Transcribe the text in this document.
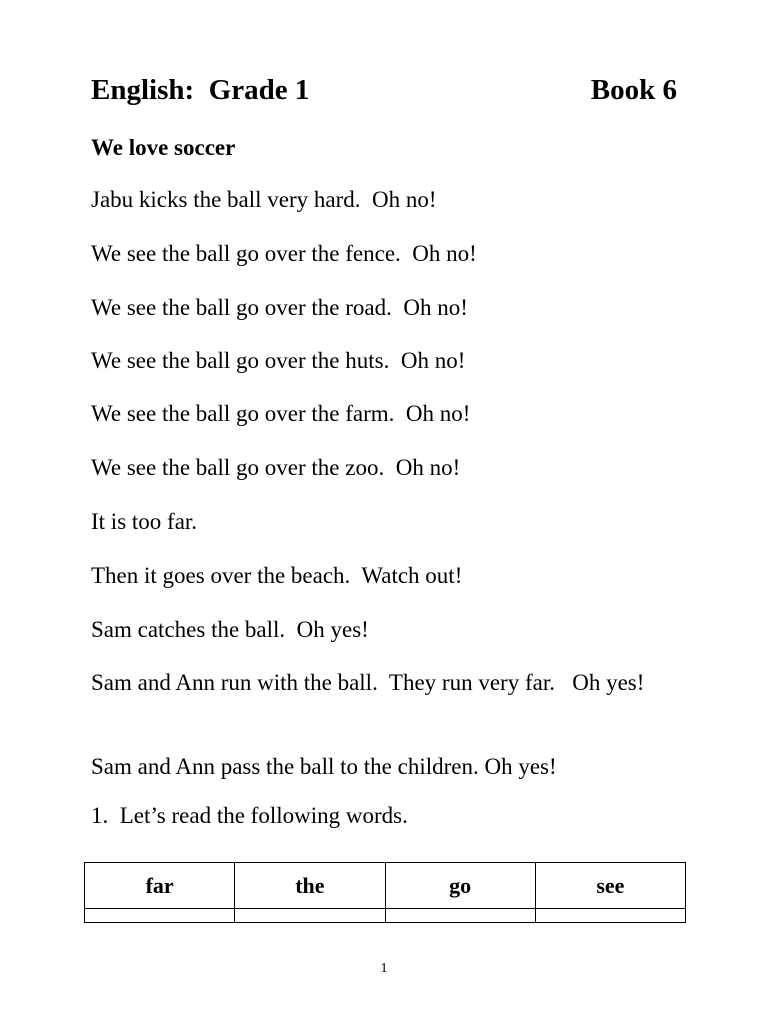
English:  Grade 1	Book 6
We love soccer
Jabu kicks the ball very hard.  Oh no!
We see the ball go over the fence.  Oh no!
We see the ball go over the road.  Oh no!
We see the ball go over the huts.  Oh no!
We see the ball go over the farm.  Oh no!
We see the ball go over the zoo.  Oh no!
It is too far.
Then it goes over the beach.  Watch out!
Sam catches the ball.  Oh yes!
Sam and Ann run with the ball.  They run very far.   Oh yes!
Sam and Ann pass the ball to the children. Oh yes!
1.  Let’s read the following words.
far	the	go	see

1
